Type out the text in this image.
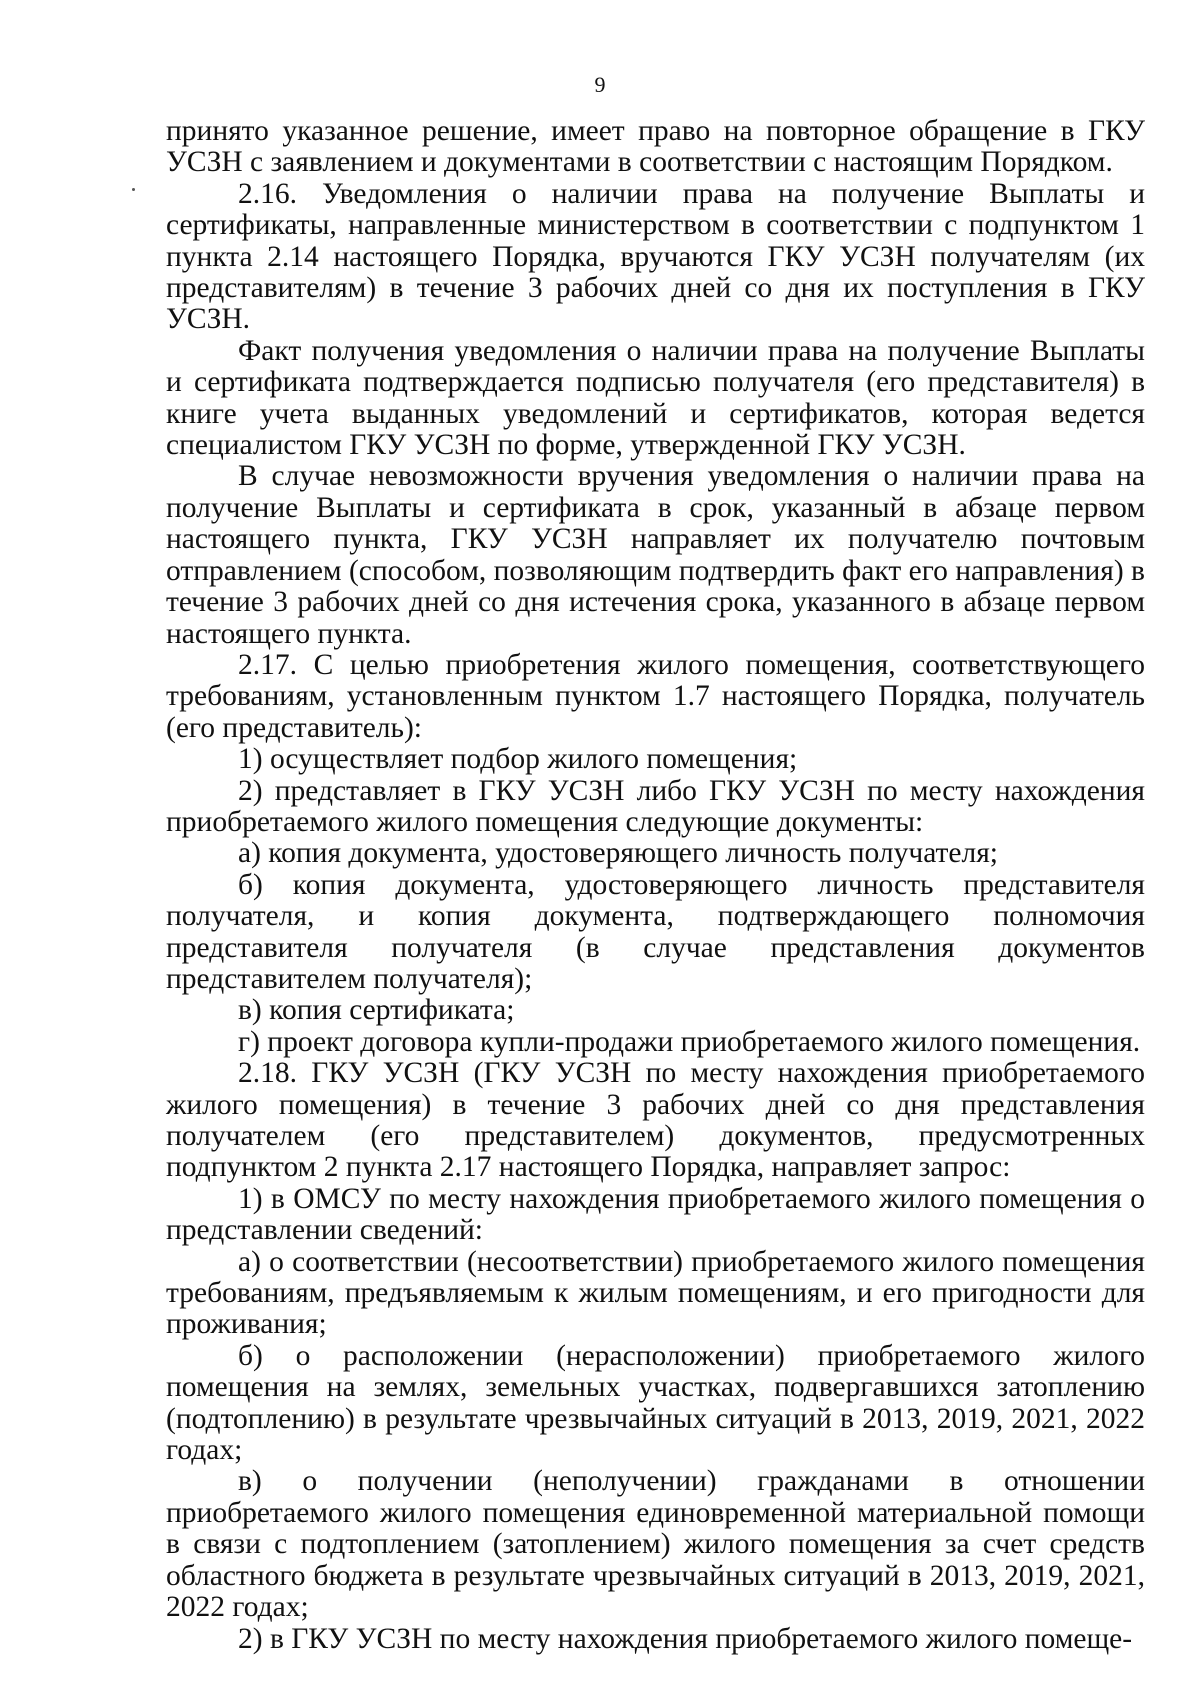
9

принято указанное решение, имеет право на повторное обращение в ГКУ УСЗН с заявлением и документами в соответствии с настоящим Порядком.

2.16. Уведомления о наличии права на получение Выплаты и сертификаты, направленные министерством в соответствии с подпунктом 1 пункта 2.14 настоящего Порядка, вручаются ГКУ УСЗН получателям (их представителям) в течение 3 рабочих дней со дня их поступления в ГКУ УСЗН.

Факт получения уведомления о наличии права на получение Выплаты и сертификата подтверждается подписью получателя (его представителя) в книге учета выданных уведомлений и сертификатов, которая ведется специалистом ГКУ УСЗН по форме, утвержденной ГКУ УСЗН.

В случае невозможности вручения уведомления о наличии права на получение Выплаты и сертификата в срок, указанный в абзаце первом настоящего пункта, ГКУ УСЗН направляет их получателю почтовым отправлением (способом, позволяющим подтвердить факт его направления) в течение 3 рабочих дней со дня истечения срока, указанного в абзаце первом настоящего пункта.

2.17. С целью приобретения жилого помещения, соответствующего требованиям, установленным пунктом 1.7 настоящего Порядка, получатель (его представитель):

1) осуществляет подбор жилого помещения;

2) представляет в ГКУ УСЗН либо ГКУ УСЗН по месту нахождения приобретаемого жилого помещения следующие документы:

а) копия документа, удостоверяющего личность получателя;

б) копия документа, удостоверяющего личность представителя получателя, и копия документа, подтверждающего полномочия представителя получателя (в случае представления документов представителем получателя);

в) копия сертификата;

г) проект договора купли-продажи приобретаемого жилого помещения.

2.18. ГКУ УСЗН (ГКУ УСЗН по месту нахождения приобретаемого жилого помещения) в течение 3 рабочих дней со дня представления получателем (его представителем) документов, предусмотренных подпунктом 2 пункта 2.17 настоящего Порядка, направляет запрос:

1) в ОМСУ по месту нахождения приобретаемого жилого помещения о представлении сведений:

а) о соответствии (несоответствии) приобретаемого жилого помещения требованиям, предъявляемым к жилым помещениям, и его пригодности для проживания;

б) о расположении (нерасположении) приобретаемого жилого помещения на землях, земельных участках, подвергавшихся затоплению (подтоплению) в результате чрезвычайных ситуаций в 2013, 2019, 2021, 2022 годах;

в) о получении (неполучении) гражданами в отношении приобретаемого жилого помещения единовременной материальной помощи в связи с подтоплением (затоплением) жилого помещения за счет средств областного бюджета в результате чрезвычайных ситуаций в 2013, 2019, 2021, 2022 годах;

2) в ГКУ УСЗН по месту нахождения приобретаемого жилого помеще-
